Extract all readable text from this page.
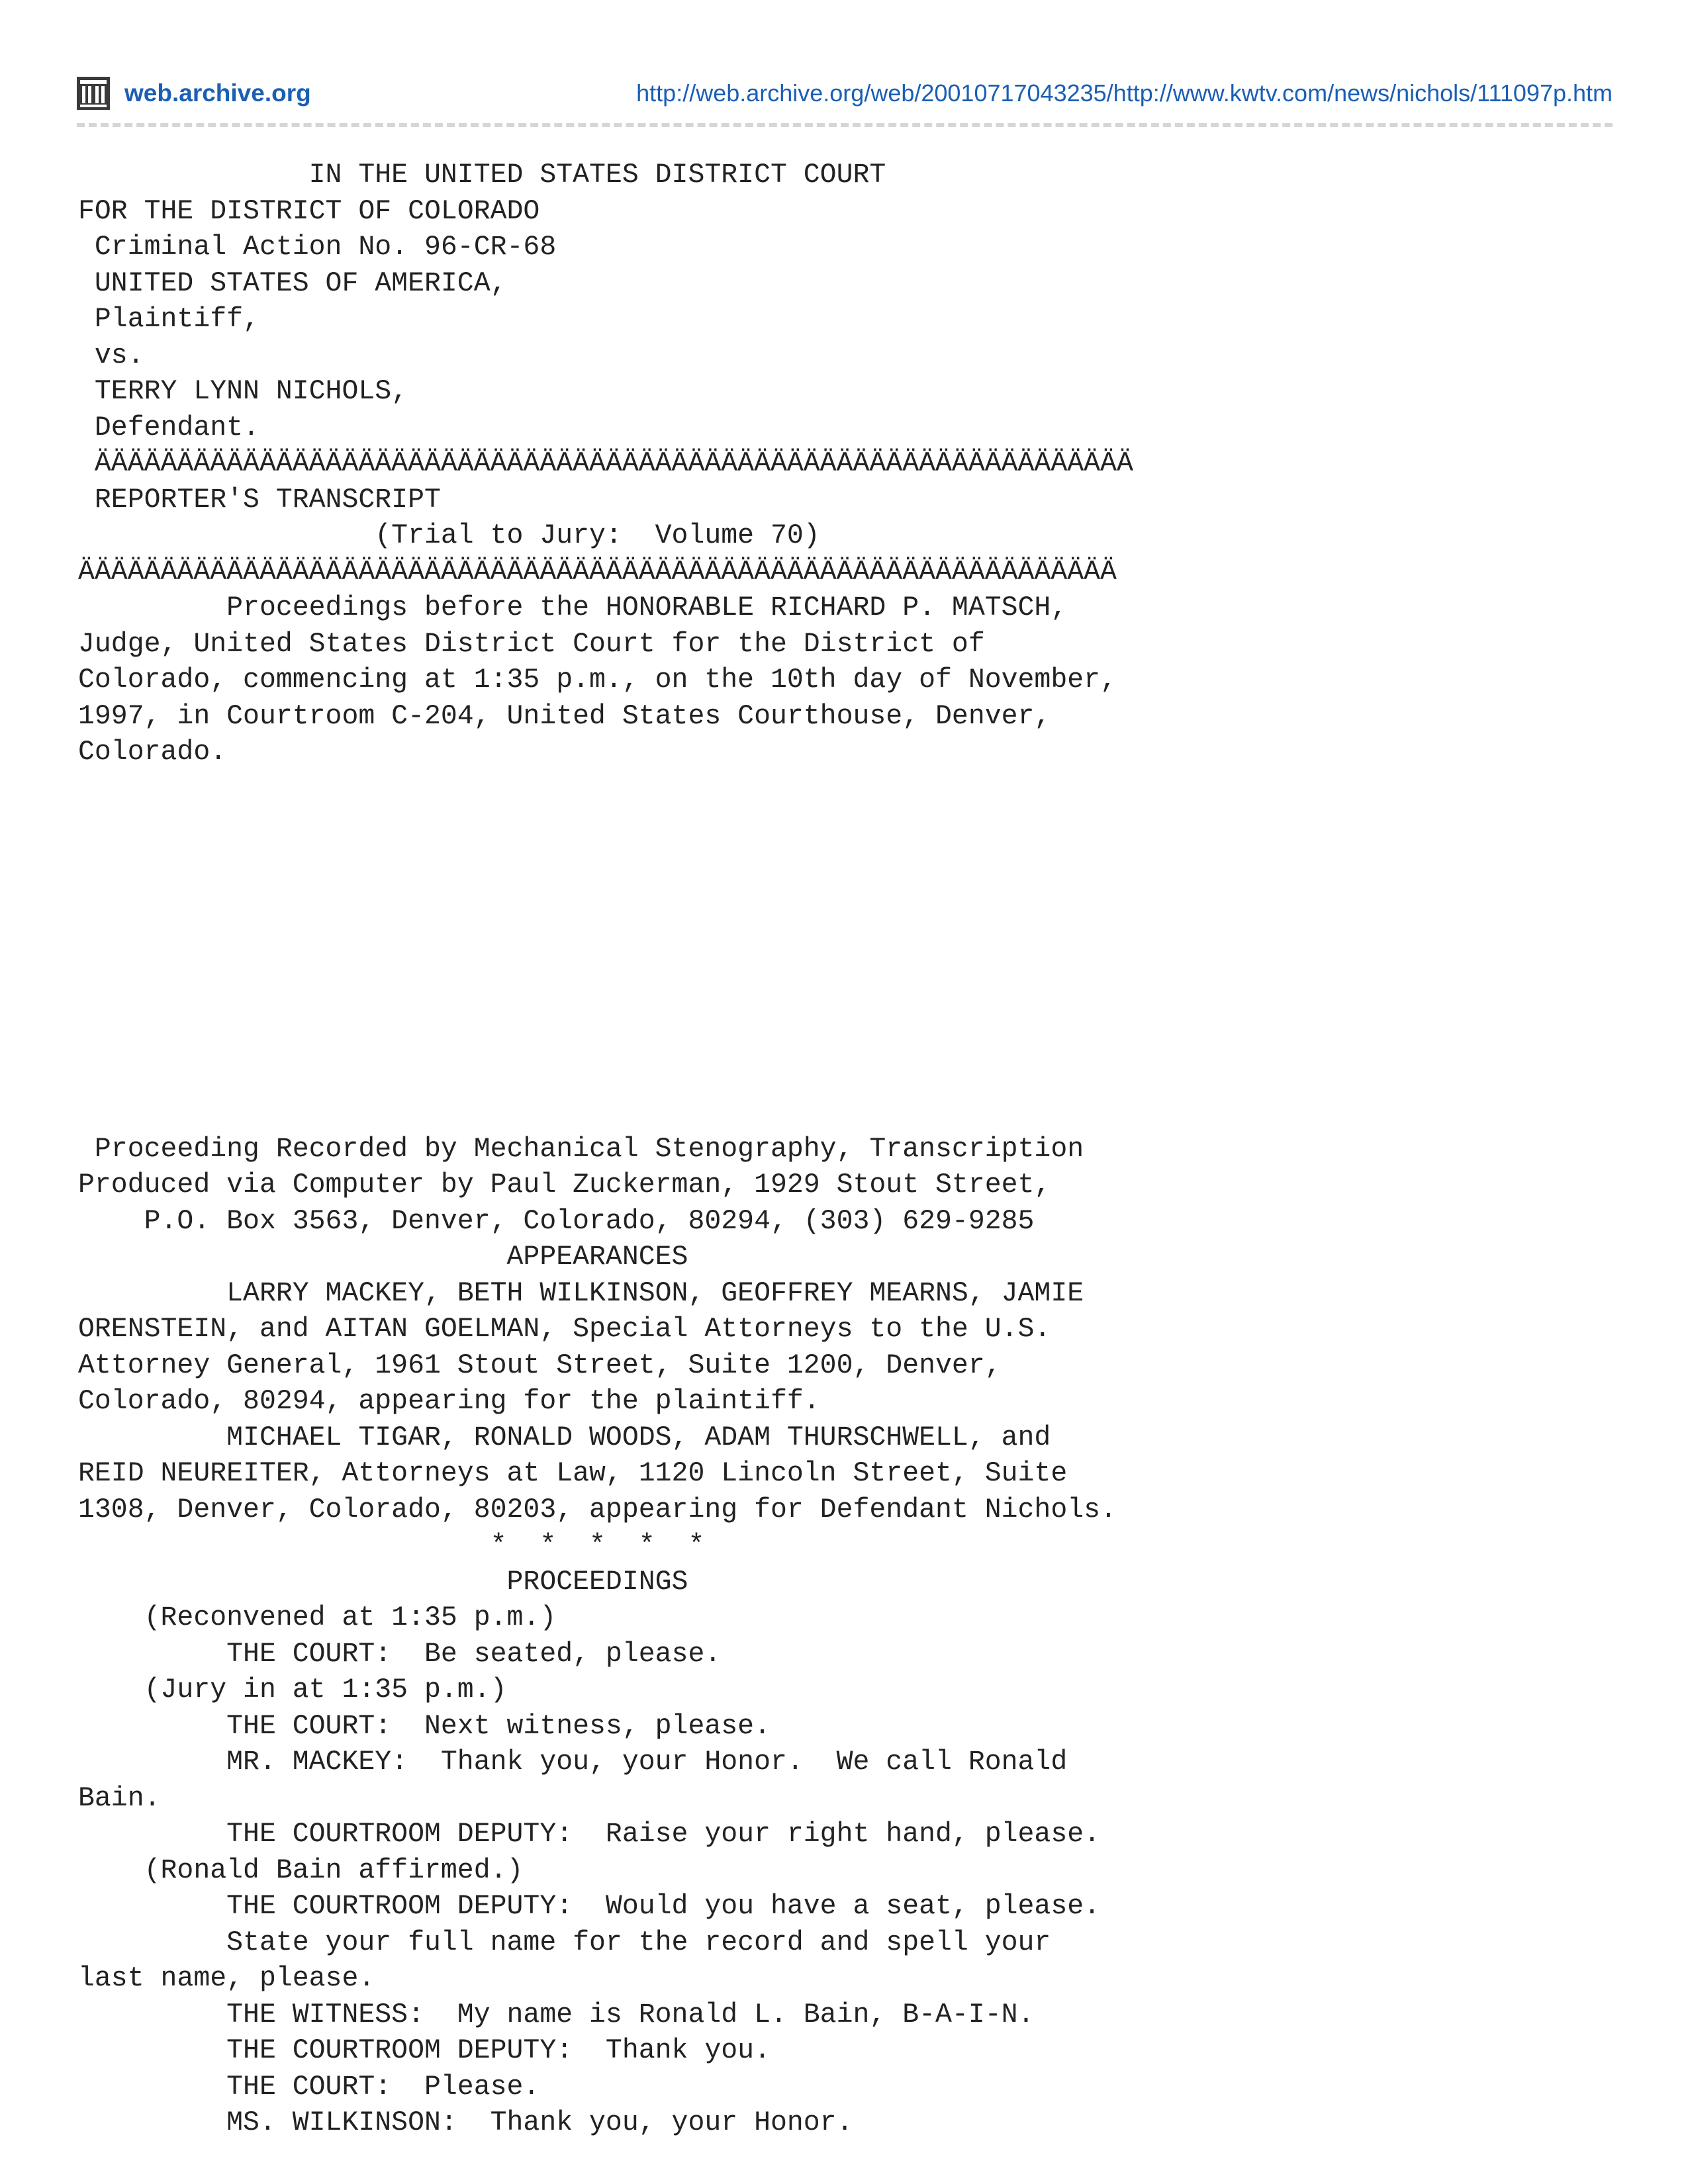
web.archive.org	http://web.archive.org/web/20010717043235/http://www.kwtv.com/news/nichols/111097p.htm
IN THE UNITED STATES DISTRICT COURT
FOR THE DISTRICT OF COLORADO
Criminal Action No. 96-CR-68
UNITED STATES OF AMERICA,
Plaintiff,
vs.
TERRY LYNN NICHOLS,
Defendant.
ÄÄÄÄÄÄÄÄÄÄÄÄÄÄÄÄÄÄÄÄÄÄÄÄÄÄÄÄÄÄÄÄÄÄÄÄÄÄÄÄÄÄÄÄÄÄÄÄÄÄÄÄÄÄÄÄÄÄÄÄÄÄÄ
REPORTER'S TRANSCRIPT
(Trial to Jury:  Volume 70)
ÄÄÄÄÄÄÄÄÄÄÄÄÄÄÄÄÄÄÄÄÄÄÄÄÄÄÄÄÄÄÄÄÄÄÄÄÄÄÄÄÄÄÄÄÄÄÄÄÄÄÄÄÄÄÄÄÄÄÄÄÄÄÄ
Proceedings before the HONORABLE RICHARD P. MATSCH,
Judge, United States District Court for the District of
Colorado, commencing at 1:35 p.m., on the 10th day of November,
1997, in Courtroom C-204, United States Courthouse, Denver,
Colorado.
Proceeding Recorded by Mechanical Stenography, Transcription
Produced via Computer by Paul Zuckerman, 1929 Stout Street,
P.O. Box 3563, Denver, Colorado, 80294, (303) 629-9285
APPEARANCES
LARRY MACKEY, BETH WILKINSON, GEOFFREY MEARNS, JAMIE
ORENSTEIN, and AITAN GOELMAN, Special Attorneys to the U.S.
Attorney General, 1961 Stout Street, Suite 1200, Denver,
Colorado, 80294, appearing for the plaintiff.
MICHAEL TIGAR, RONALD WOODS, ADAM THURSCHWELL, and
REID NEUREITER, Attorneys at Law, 1120 Lincoln Street, Suite
1308, Denver, Colorado, 80203, appearing for Defendant Nichols.
*  *  *  *  *
PROCEEDINGS
(Reconvened at 1:35 p.m.)
THE COURT:  Be seated, please.
(Jury in at 1:35 p.m.)
THE COURT:  Next witness, please.
MR. MACKEY:  Thank you, your Honor.  We call Ronald
Bain.
THE COURTROOM DEPUTY:  Raise your right hand, please.
(Ronald Bain affirmed.)
THE COURTROOM DEPUTY:  Would you have a seat, please.
State your full name for the record and spell your
last name, please.
THE WITNESS:  My name is Ronald L. Bain, B-A-I-N.
THE COURTROOM DEPUTY:  Thank you.
THE COURT:  Please.
MS. WILKINSON:  Thank you, your Honor.
